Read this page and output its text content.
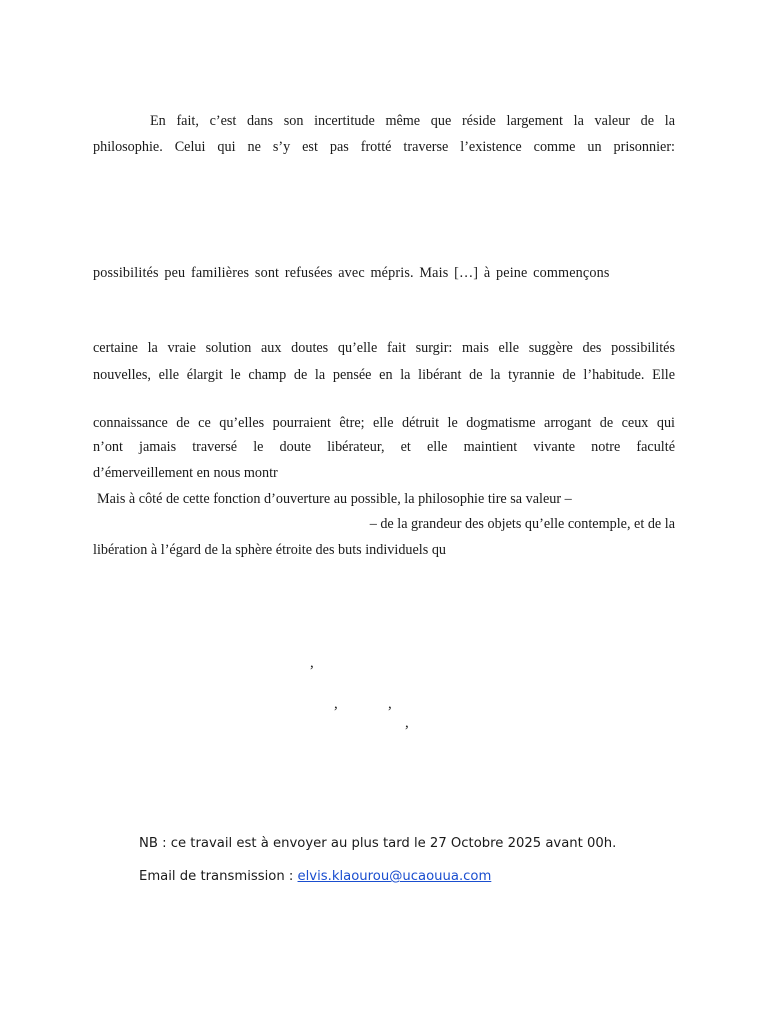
En fait, c’est dans son incertitude même que réside largement la valeur de la
philosophie. Celui qui ne s’y est pas frotté traverse l’existence comme un prisonnier:
possibilités peu familières sont refusées avec mépris. Mais […] à peine commençons
certaine la vraie solution aux doutes qu’elle fait surgir: mais elle suggère des possibilités
nouvelles, elle élargit le champ de la pensée en la libérant de la tyrannie de l’habitude. Elle
connaissance de ce qu’elles pourraient être; elle détruit le dogmatisme arrogant de ceux qui
n’ont jamais traversé le doute libérateur, et elle maintient vivante notre faculté
d’émerveillement en nous montr
Mais à côté de cette fonction d’ouverture au possible, la philosophie tire sa valeur –
– de la grandeur des objets qu’elle contemple, et de la
libération à l’égard de la sphère étroite des buts individuels qu
,
,	,
,
NB : ce travail est à envoyer au plus tard le 27 Octobre 2025 avant 00h.
Email de transmission : elvis.klaourou@ucaouua.com
